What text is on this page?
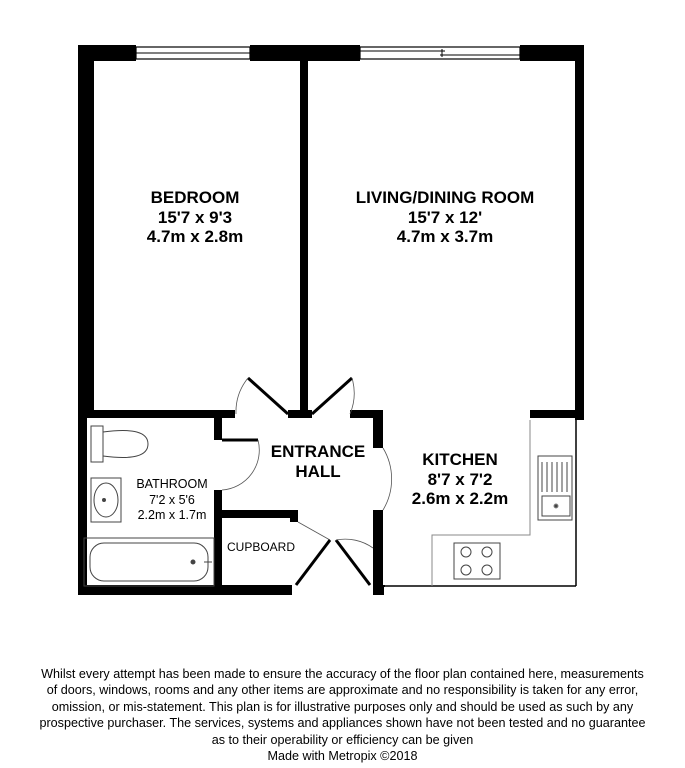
BEDROOM
15'7 x 9'3
4.7m x 2.8m
LIVING/DINING ROOM
15'7 x 12'
4.7m x 3.7m
ENTRANCE
HALL
KITCHEN
8'7 x 7'2
2.6m x 2.2m
BATHROOM
7'2 x 5'6
2.2m x 1.7m
CUPBOARD
Whilst every attempt has been made to ensure the accuracy of the floor plan contained here, measurements
of doors, windows, rooms and any other items are approximate and no responsibility is taken for any error,
omission, or mis-statement. This plan is for illustrative purposes only and should be used as such by any
prospective purchaser. The services, systems and appliances shown have not been tested and no guarantee
as to their operability or efficiency can be given
Made with Metropix ©2018
